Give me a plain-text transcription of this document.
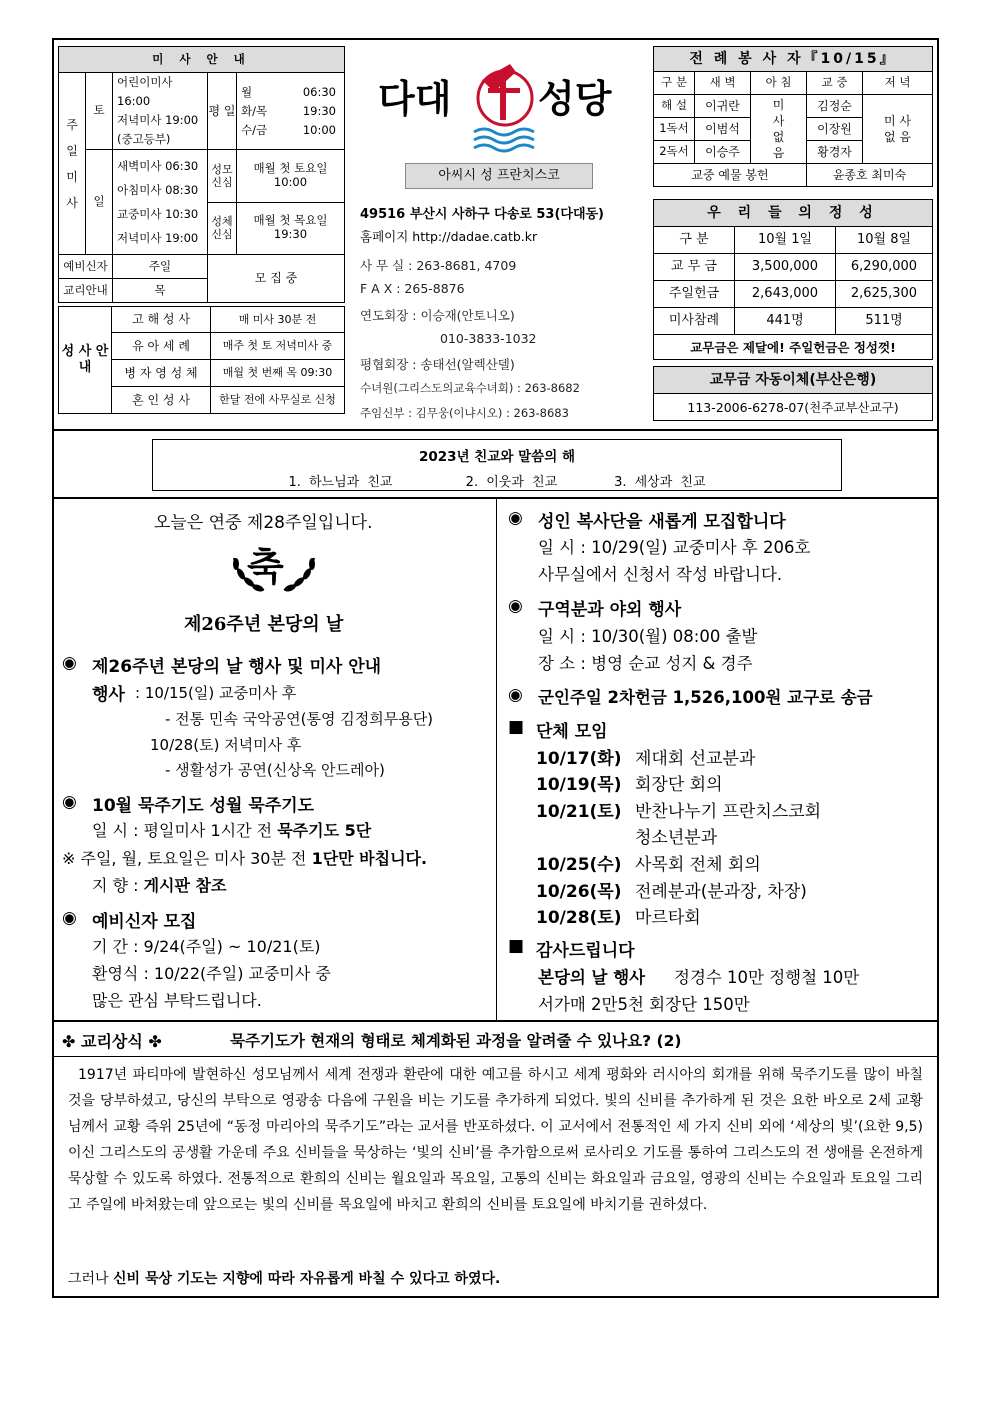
미 사 안 내
주 일 미 사	토	
어린이미사 16:00
저녁미사 19:00
(중고등부)
	평 일	
월	06:30
화/목	19:30
수/금	10:00

일	
새벽미사 06:30
아침미사 08:30
교중미사 10:30
저녁미사 19:00

성모 신심	매월 첫 토요일 10:00
성체 신심	매월 첫 목요일 19:30

예비신자	주일	모 집 중
교리안내	목
성 사 안 내	고 해 성 사	매 미사 30분 전
	유 아 세 례	매주 첫 토 저녁미사 중
	병 자 영 성 체	매월 첫 번째 목 09:30
	혼 인 성 사	한달 전에 사무실로 신청
다대 성당
아씨시 성 프란치스코
49516 부산시 사하구 다송로 53(다대동)
홈페이지 http://dadae.catb.kr
사 무 실 : 263-8681, 4709
F A X : 265-8876
연도회장 : 이승재(안토니오)
010-3833-1032
평협회장 : 송태선(알렉산델)
수녀원(그리스도의교육수녀회) : 263-8682
주임신부 : 김무웅(이냐시오) : 263-8683
전 례 봉 사 자『10/15』				
구 분	새 벽	아 침	교 중	저 녁
해 설	이귀란	미 사 없 음	김정순	미 사 없 음
1독서	이범석		이장원	
2독서	이승주		황경자	
교중 예물 봉헌			윤종호 최미숙	
우 리 들 의 정 성		
구 분	10월 1일	10월 8일
교 무 금	3,500,000	6,290,000
주일헌금	2,643,000	2,625,300
미사참례	441명	511명
교무금은 제달에! 주일헌금은 정성껏!		
교무금 자동이체(부산은행)
113-2006-6278-07(천주교부산교구)
2023년 친교와 말씀의 해
1. 하느님과 친교	2. 이웃과 친교	3. 세상과 친교
오늘은 연중 제28주일입니다.
축
제26주년 본당의 날
◉ 제26주년 본당의 날 행사 및 미사 안내
행사 : 10/15(일) 교중미사 후
- 전통 민속 국악공연(통영 김정희무용단)
10/28(토) 저녁미사 후
- 생활성가 공연(신상옥 안드레아)
◉ 10월 묵주기도 성월 묵주기도
일 시 : 평일미사 1시간 전 묵주기도 5단
※ 주일, 월, 토요일은 미사 30분 전 1단만 바칩니다.
지 향 : 게시판 참조
◉ 예비신자 모집
기 간 : 9/24(주일) ~ 10/21(토)
환영식 : 10/22(주일) 교중미사 중
많은 관심 부탁드립니다.
◉ 성인 복사단을 새롭게 모집합니다
일 시 : 10/29(일) 교중미사 후 206호
사무실에서 신청서 작성 바랍니다.
◉ 구역분과 야외 행사
일 시 : 10/30(월) 08:00 출발
장 소 : 병영 순교 성지 & 경주
◉ 군인주일 2차헌금 1,526,100원 교구로 송금
■ 단체 모임
10/17(화) 제대회 선교분과
10/19(목) 회장단 회의
10/21(토) 반찬나누기 프란치스코회
청소년분과
10/25(수) 사목회 전체 회의
10/26(목) 전례분과(분과장, 차장)
10/28(토) 마르타회
■ 감사드립니다
본당의 날 행사 정경수 10만 정행철 10만
서가매 2만5천 회장단 150만
✤ 교리상식 ✤	묵주기도가 현재의 형태로 체계화된 과정을 알려줄 수 있나요? (2)
1917년 파티마에 발현하신 성모님께서 세계 전쟁과 환란에 대한 예고를 하시고 세계 평화와 러시아의 회개를 위해 묵주기도를 많이 바칠 것을 당부하셨고, 당신의 부탁으로 영광송 다음에 구원을 비는 기도를 추가하게 되었다. 빛의 신비를 추가하게 된 것은 요한 바오로 2세 교황님께서 교황 즉위 25년에 “동정 마리아의 묵주기도”라는 교서를 반포하셨다. 이 교서에서 전통적인 세 가지 신비 외에 ‘세상의 빛’(요한 9,5)이신 그리스도의 공생활 가운데 주요 신비들을 묵상하는 ‘빛의 신비’를 추가함으로써 로사리오 기도를 통하여 그리스도의 전 생애를 온전하게 묵상할 수 있도록 하였다. 전통적으로 환희의 신비는 월요일과 목요일, 고통의 신비는 화요일과 금요일, 영광의 신비는 수요일과 토요일 그리고 주일에 바쳐왔는데 앞으로는 빛의 신비를 목요일에 바치고 환희의 신비를 토요일에 바치기를 권하셨다.
그러나 신비 묵상 기도는 지향에 따라 자유롭게 바칠 수 있다고 하였다.
